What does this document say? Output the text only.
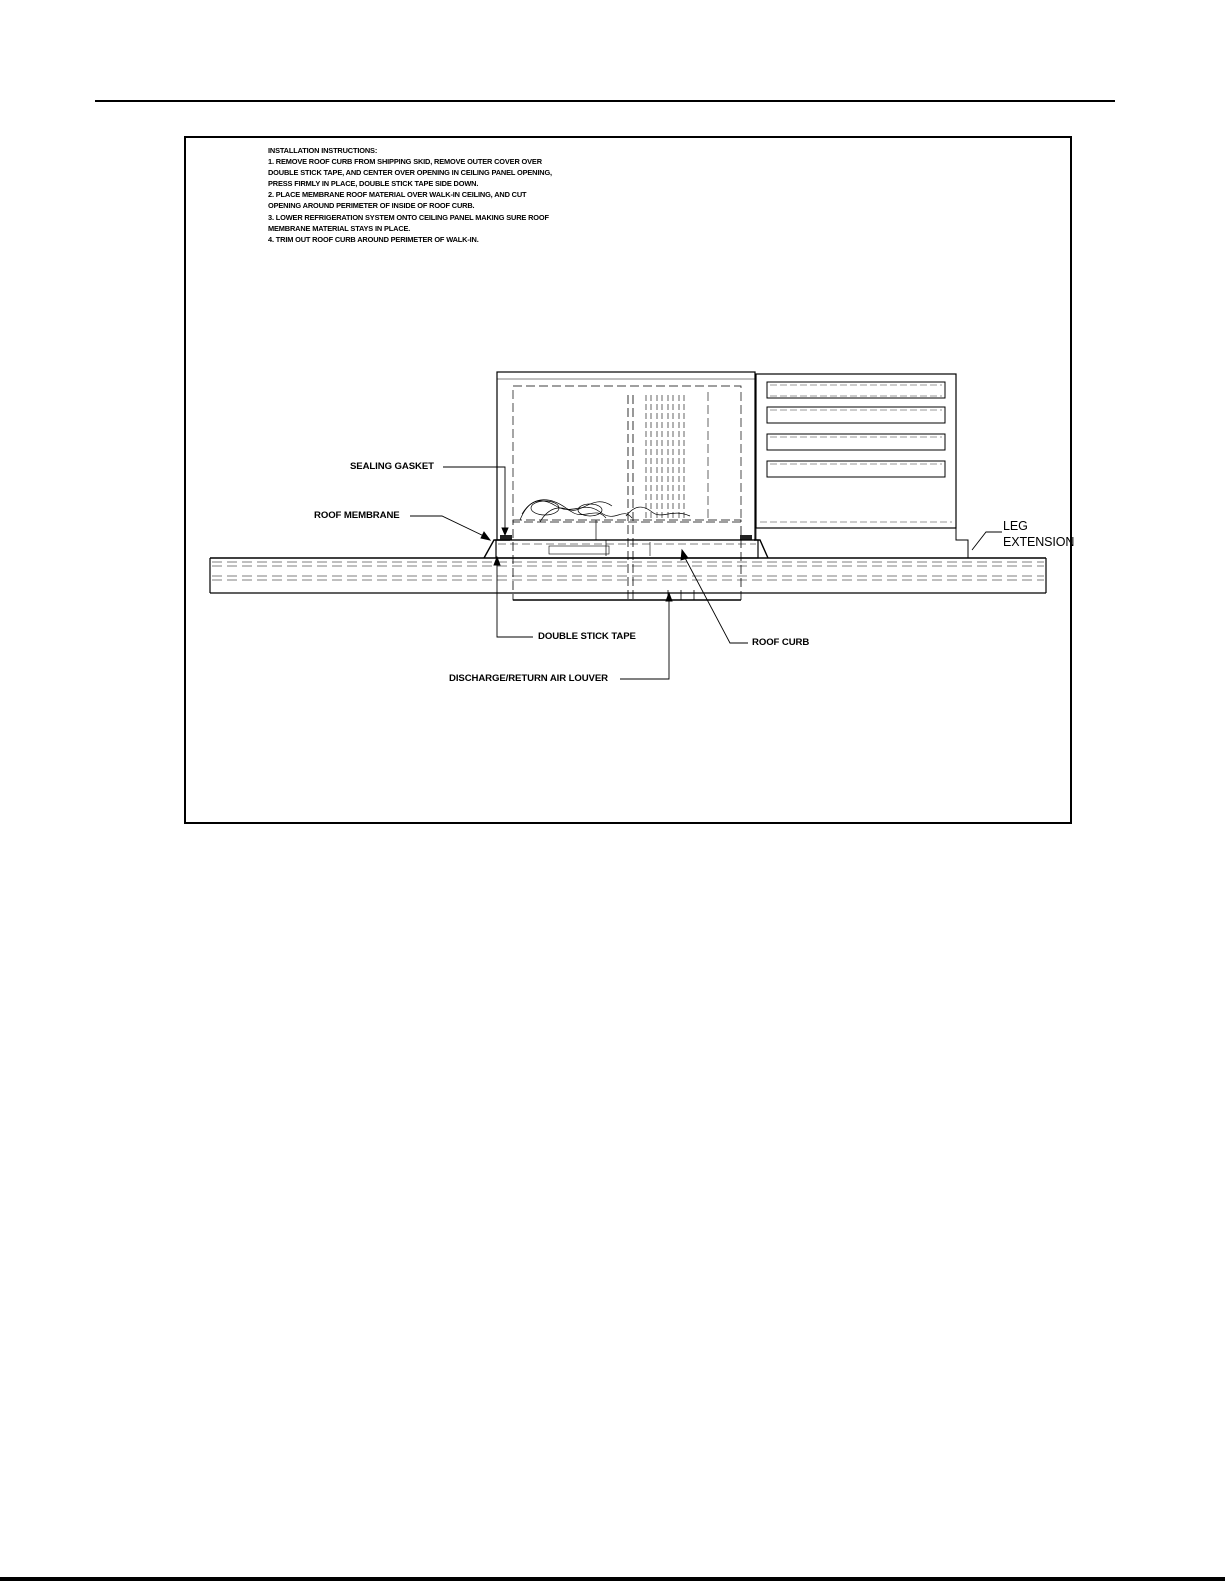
INSTALLATION INSTRUCTIONS:
1. REMOVE ROOF CURB FROM SHIPPING SKID, REMOVE OUTER COVER OVER
DOUBLE STICK TAPE, AND CENTER OVER OPENING IN CEILING PANEL OPENING,
PRESS FIRMLY IN PLACE, DOUBLE STICK TAPE SIDE DOWN.
2. PLACE MEMBRANE ROOF MATERIAL OVER WALK-IN CEILING, AND CUT
OPENING AROUND PERIMETER OF INSIDE OF ROOF CURB.
3. LOWER REFRIGERATION SYSTEM ONTO CEILING PANEL MAKING SURE ROOF
MEMBRANE MATERIAL STAYS IN PLACE.
4. TRIM OUT ROOF CURB AROUND PERIMETER OF WALK-IN.
SEALING GASKET
ROOF MEMBRANE
LEG
EXTENSION
DOUBLE STICK TAPE
ROOF CURB
DISCHARGE/RETURN AIR LOUVER
